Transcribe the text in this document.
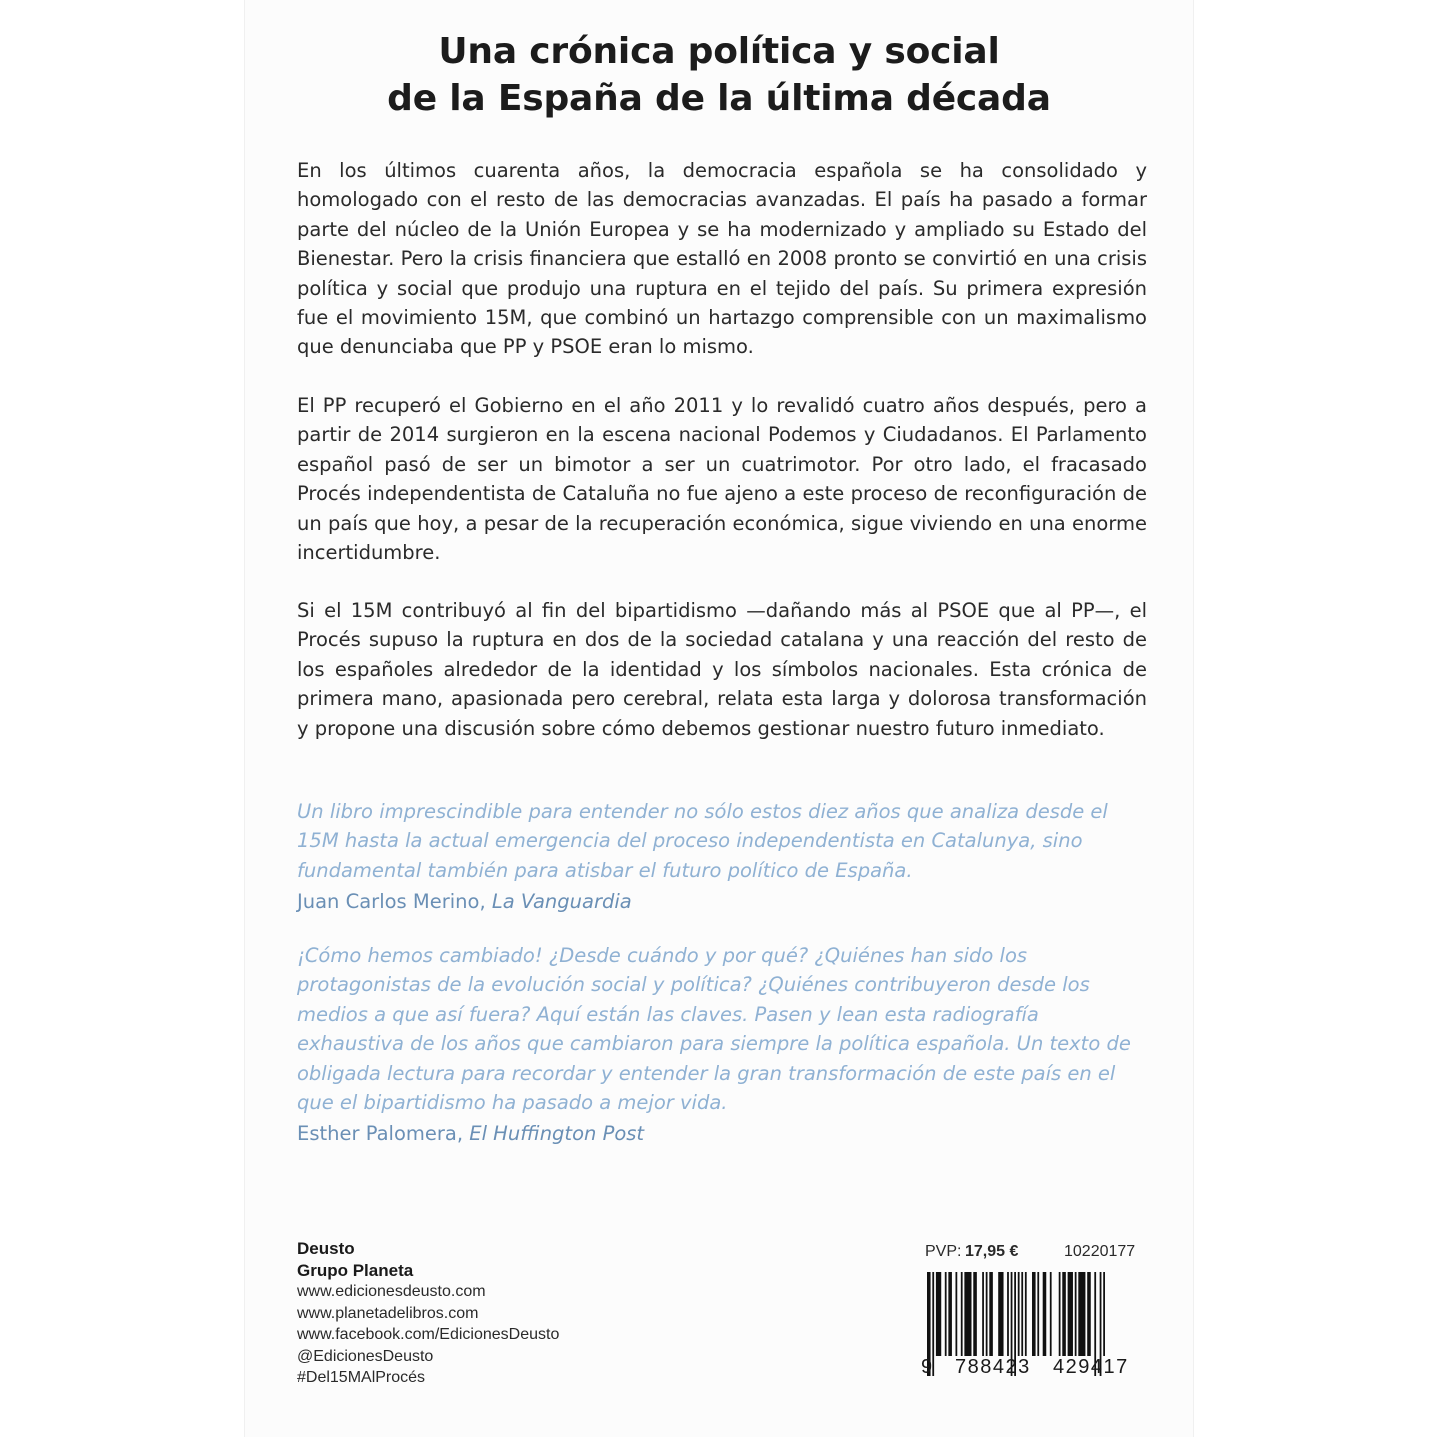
Una crónica política y social
de la España de la última década
En los últimos cuarenta años, la democracia española se ha consolidado y homologado con el resto de las democracias avanzadas. El país ha pasado a formar parte del núcleo de la Unión Europea y se ha modernizado y ampliado su Estado del Bienestar. Pero la crisis financiera que estalló en 2008 pronto se convirtió en una crisis política y social que produjo una ruptura en el tejido del país. Su primera expresión fue el movimiento 15M, que combinó un hartazgo comprensible con un maximalismo que denunciaba que PP y PSOE eran lo mismo.
El PP recuperó el Gobierno en el año 2011 y lo revalidó cuatro años después, pero a partir de 2014 surgieron en la escena nacional Podemos y Ciudadanos. El Parlamento español pasó de ser un bimotor a ser un cuatrimotor. Por otro lado, el fracasado Procés independentista de Cataluña no fue ajeno a este proceso de reconfiguración de un país que hoy, a pesar de la recuperación económica, sigue viviendo en una enorme incertidumbre.
Si el 15M contribuyó al fin del bipartidismo —dañando más al PSOE que al PP—, el Procés supuso la ruptura en dos de la sociedad catalana y una reacción del resto de los españoles alrededor de la identidad y los símbolos nacionales. Esta crónica de primera mano, apasionada pero cerebral, relata esta larga y dolorosa transformación y propone una discusión sobre cómo debemos gestionar nuestro futuro inmediato.
Un libro imprescindible para entender no sólo estos diez años que analiza desde el 15M hasta la actual emergencia del proceso independentista en Catalunya, sino fundamental también para atisbar el futuro político de España.
Juan Carlos Merino, La Vanguardia
¡Cómo hemos cambiado! ¿Desde cuándo y por qué? ¿Quiénes han sido los protagonistas de la evolución social y política? ¿Quiénes contribuyeron desde los medios a que así fuera? Aquí están las claves. Pasen y lean esta radiografía exhaustiva de los años que cambiaron para siempre la política española. Un texto de obligada lectura para recordar y entender la gran transformación de este país en el que el bipartidismo ha pasado a mejor vida.
Esther Palomera, El Huffington Post
Deusto
Grupo Planeta
www.edicionesdeusto.com
www.planetadelibros.com
www.facebook.com/EdicionesDeusto
@EdicionesDeusto
#Del15MAlProcés
PVP: 17,95 €	10220177
9 788423 429417
